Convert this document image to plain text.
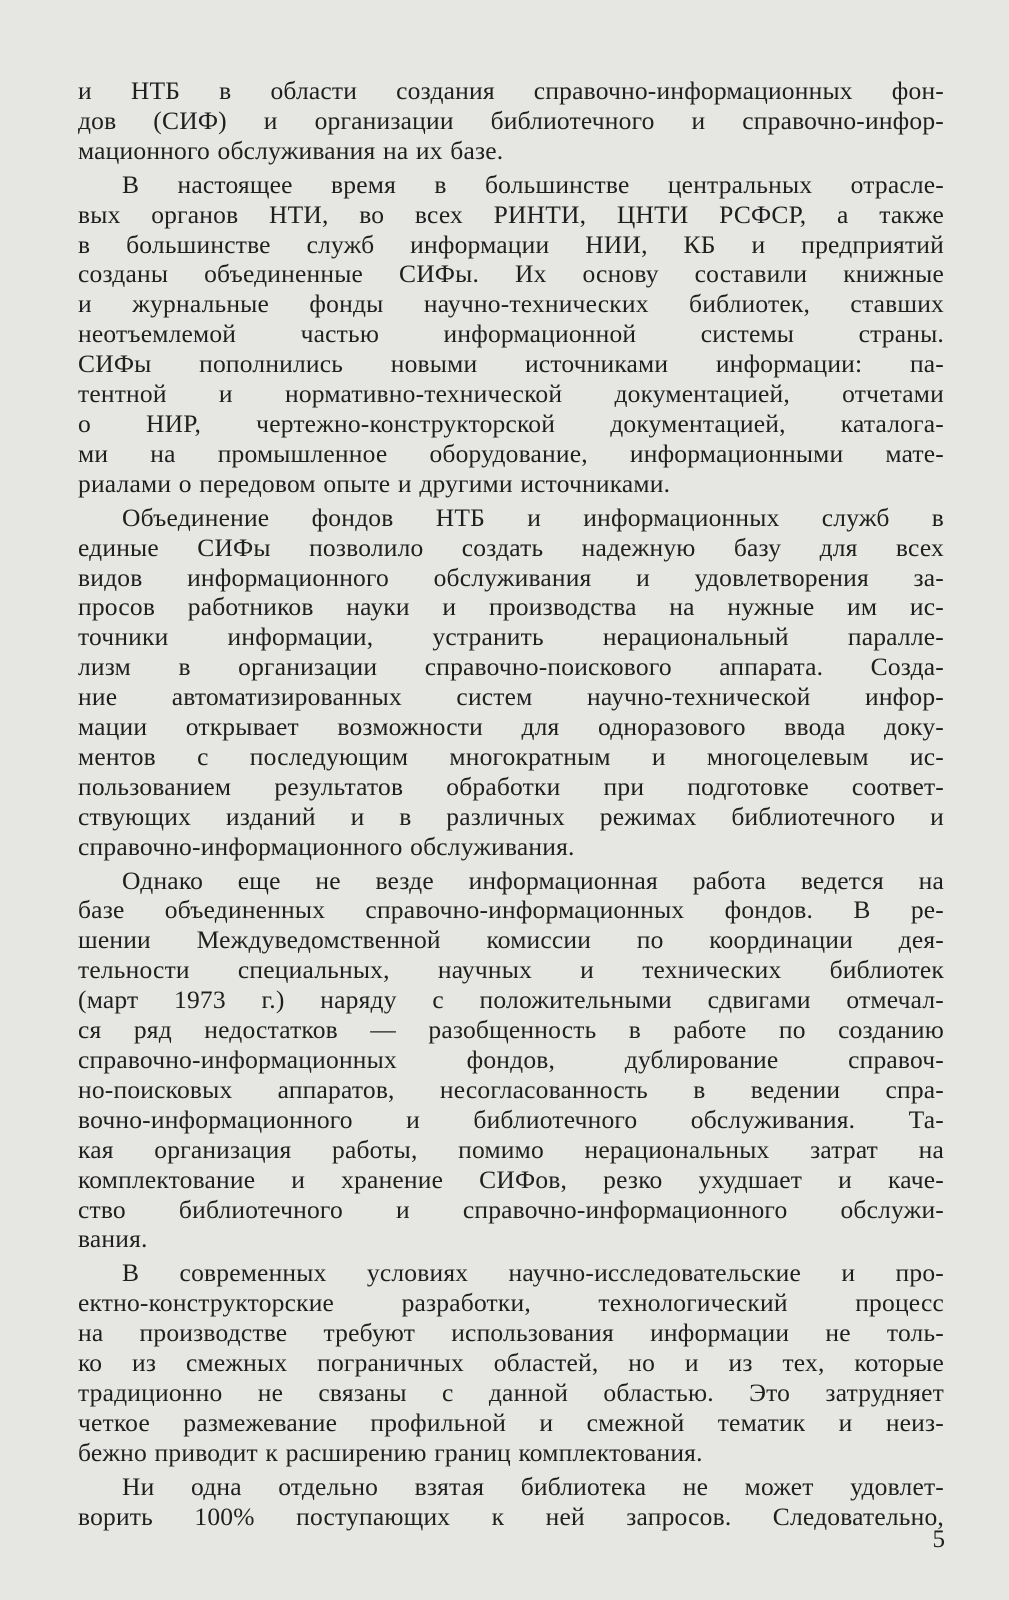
и НТБ в области создания справочно-информационных фон-
дов (СИФ) и организации библиотечного и справочно-инфор-
мационного обслуживания на их базе.

В настоящее время в большинстве центральных отрасле-
вых органов НТИ, во всех РИНТИ, ЦНТИ РСФСР, а также
в большинстве служб информации НИИ, КБ и предприятий
созданы объединенные СИФы. Их основу составили книжные
и журнальные фонды научно-технических библиотек, ставших
неотъемлемой частью информационной системы страны.
СИФы пополнились новыми источниками информации: па-
тентной и нормативно-технической документацией, отчетами
о НИР, чертежно-конструкторской документацией, каталога-
ми на промышленное оборудование, информационными мате-
риалами о передовом опыте и другими источниками.

Объединение фондов НТБ и информационных служб в
единые СИФы позволило создать надежную базу для всех
видов информационного обслуживания и удовлетворения за-
просов работников науки и производства на нужные им ис-
точники информации, устранить нерациональный паралле-
лизм в организации справочно-поискового аппарата. Созда-
ние автоматизированных систем научно-технической инфор-
мации открывает возможности для одноразового ввода доку-
ментов с последующим многократным и многоцелевым ис-
пользованием результатов обработки при подготовке соответ-
ствующих изданий и в различных режимах библиотечного и
справочно-информационного обслуживания.

Однако еще не везде информационная работа ведется на
базе объединенных справочно-информационных фондов. В ре-
шении Междуведомственной комиссии по координации дея-
тельности специальных, научных и технических библиотек
(март 1973 г.) наряду с положительными сдвигами отмечал-
ся ряд недостатков — разобщенность в работе по созданию
справочно-информационных фондов, дублирование справоч-
но-поисковых аппаратов, несогласованность в ведении спра-
вочно-информационного и библиотечного обслуживания. Та-
кая организация работы, помимо нерациональных затрат на
комплектование и хранение СИФов, резко ухудшает и каче-
ство библиотечного и справочно-информационного обслужи-
вания.

В современных условиях научно-исследовательские и про-
ектно-конструкторские разработки, технологический процесс
на производстве требуют использования информации не толь-
ко из смежных пограничных областей, но и из тех, которые
традиционно не связаны с данной областью. Это затрудняет
четкое размежевание профильной и смежной тематик и неиз-
бежно приводит к расширению границ комплектования.

Ни одна отдельно взятая библиотека не может удовлет-
ворить 100% поступающих к ней запросов. Следовательно,

5
